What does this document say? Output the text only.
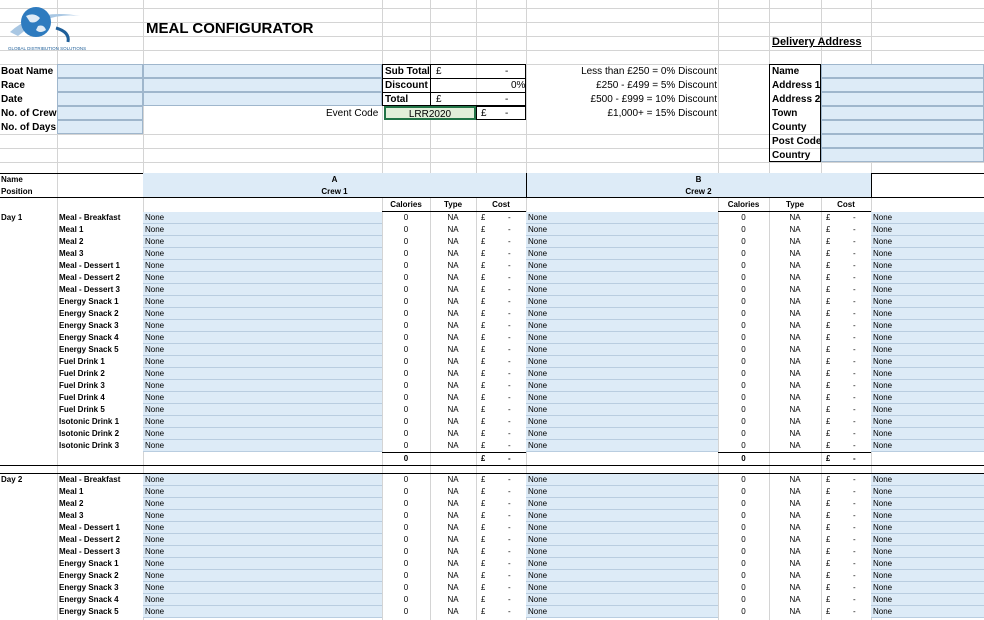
GLOBAL DISTRIBUTION SOLUTIONS
MEAL CONFIGURATOR
Boat Name
Race
Date
No. of Crew
No. of Days
Sub Total
Discount
Total
£	-
0%
£	-
Event Code	LRR2020	£ -
Less than £250 = 0% Discount
£250 - £499 = 5% Discount
£500 - £999 = 10% Discount
£1,000+ = 15% Discount
Delivery Address
Name
Address 1
Address 2
Town
County
Post Code
Country
Name
Position
A
Crew 1
B
Crew 2
Calories	Type	Cost	Calories	Type	Cost
Day 1	Meal - Breakfast	None	0	NA	£	- None	0	NA	£	- None
Meal 1	None	0	NA	£	- None	0	NA	£	- None
Meal 2	None	0	NA	£	- None	0	NA	£	- None
Meal 3	None	0	NA	£	- None	0	NA	£	- None
Meal - Dessert 1	None	0	NA	£	- None	0	NA	£	- None
Meal - Dessert 2	None	0	NA	£	- None	0	NA	£	- None
Meal - Dessert 3	None	0	NA	£	- None	0	NA	£	- None
Energy Snack 1	None	0	NA	£	- None	0	NA	£	- None
Energy Snack 2	None	0	NA	£	- None	0	NA	£	- None
Energy Snack 3	None	0	NA	£	- None	0	NA	£	- None
Energy Snack 4	None	0	NA	£	- None	0	NA	£	- None
Energy Snack 5	None	0	NA	£	- None	0	NA	£	- None
Fuel Drink 1	None	0	NA	£	- None	0	NA	£	- None
Fuel Drink 2	None	0	NA	£	- None	0	NA	£	- None
Fuel Drink 3	None	0	NA	£	- None	0	NA	£	- None
Fuel Drink 4	None	0	NA	£	- None	0	NA	£	- None
Fuel Drink 5	None	0	NA	£	- None	0	NA	£	- None
Isotonic Drink 1	None	0	NA	£	- None	0	NA	£	- None
Isotonic Drink 2	None	0	NA	£	- None	0	NA	£	- None
Isotonic Drink 3	None	0	NA	£	- None	0	NA	£	- None
0	£	-	0	£	-
Day 2	Meal - Breakfast	None	0	NA	£	- None	0	NA	£	- None
Meal 1	None	0	NA	£	- None	0	NA	£	- None
Meal 2	None	0	NA	£	- None	0	NA	£	- None
Meal 3	None	0	NA	£	- None	0	NA	£	- None
Meal - Dessert 1	None	0	NA	£	- None	0	NA	£	- None
Meal - Dessert 2	None	0	NA	£	- None	0	NA	£	- None
Meal - Dessert 3	None	0	NA	£	- None	0	NA	£	- None
Energy Snack 1	None	0	NA	£	- None	0	NA	£	- None
Energy Snack 2	None	0	NA	£	- None	0	NA	£	- None
Energy Snack 3	None	0	NA	£	- None	0	NA	£	- None
Energy Snack 4	None	0	NA	£	- None	0	NA	£	- None
Energy Snack 5	None	0	NA	£	- None	0	NA	£	- None
